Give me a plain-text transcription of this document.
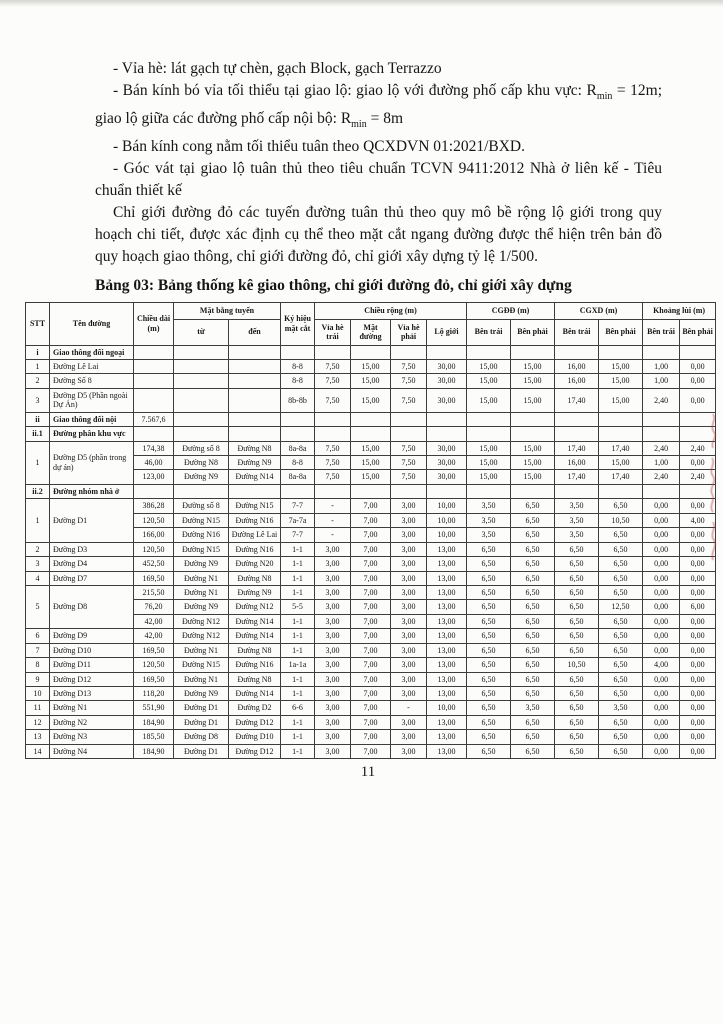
- Vỉa hè: lát gạch tự chèn, gạch Block, gạch Terrazzo

- Bán kính bó vỉa tối thiểu tại giao lộ: giao lộ với đường phố cấp khu vực: $R_{min} = 12m$; giao lộ giữa các đường phố cấp nội bộ: $R_{min} = 8m$

- Bán kính cong nằm tối thiểu tuân theo QCXDVN 01:2021/BXD.

- Góc vát tại giao lộ tuân thủ theo tiêu chuẩn TCVN 9411:2012 Nhà ở liên kế - Tiêu chuẩn thiết kế

Chỉ giới đường đỏ các tuyến đường tuân thủ theo quy mô bề rộng lộ giới trong quy hoạch chi tiết, được xác định cụ thể theo mặt cắt ngang đường được thể hiện trên bản đồ quy hoạch giao thông, chỉ giới đường đỏ, chỉ giới xây dựng tỷ lệ 1/500.

Bảng 03: Bảng thống kê giao thông, chỉ giới đường đỏ, chỉ giới xây dựng
STT	Tên đường	Chiều dài (m)	Mặt bằng tuyến		Ký hiệu mặt cắt	Chiều rộng (m)				CGĐĐ (m)		CGXD (m)		Khoảng lùi (m)	
			từ	đến		Vỉa hè trái	Mặt đường	Vỉa hè phải	Lộ giới	Bên trái	Bên phải	Bên trái	Bên phải	Bên trái	Bên phải
i	Giao thông đối ngoại														
1	Đường Lê Lai				8-8	7,50	15,00	7,50	30,00	15,00	15,00	16,00	15,00	1,00	0,00
2	Đường Số 8				8-8	7,50	15,00	7,50	30,00	15,00	15,00	16,00	15,00	1,00	0,00
3	Đường D5 (Phần ngoài Dự Án)				8b-8b	7,50	15,00	7,50	30,00	15,00	15,00	17,40	15,00	2,40	0,00
ii	Giao thông đối nội	7.567,6													
ii.1	Đường phân khu vực														
1	Đường D5 (phần trong dự án)	174,38	Đường số 8	Đường N8	8a-8a	7,50	15,00	7,50	30,00	15,00	15,00	17,40	17,40	2,40	2,40
		46,00	Đường N8	Đường N9	8-8	7,50	15,00	7,50	30,00	15,00	15,00	16,00	15,00	1,00	0,00
		123,00	Đường N9	Đường N14	8a-8a	7,50	15,00	7,50	30,00	15,00	15,00	17,40	17,40	2,40	2,40
ii.2	Đường nhóm nhà ở														
1	Đường D1	386,28	Đường số 8	Đường N15	7-7	-	7,00	3,00	10,00	3,50	6,50	3,50	6,50	0,00	0,00
		120,50	Đường N15	Đường N16	7a-7a	-	7,00	3,00	10,00	3,50	6,50	3,50	10,50	0,00	4,00
		166,00	Đường N16	Đường Lê Lai	7-7	-	7,00	3,00	10,00	3,50	6,50	3,50	6,50	0,00	0,00
2	Đường D3	120,50	Đường N15	Đường N16	1-1	3,00	7,00	3,00	13,00	6,50	6,50	6,50	6,50	0,00	0,00
3	Đường D4	452,50	Đường N9	Đường N20	1-1	3,00	7,00	3,00	13,00	6,50	6,50	6,50	6,50	0,00	0,00
4	Đường D7	169,50	Đường N1	Đường N8	1-1	3,00	7,00	3,00	13,00	6,50	6,50	6,50	6,50	0,00	0,00
5	Đường D8	215,50	Đường N1	Đường N9	1-1	3,00	7,00	3,00	13,00	6,50	6,50	6,50	6,50	0,00	0,00
		76,20	Đường N9	Đường N12	5-5	3,00	7,00	3,00	13,00	6,50	6,50	6,50	12,50	0,00	6,00
		42,00	Đường N12	Đường N14	1-1	3,00	7,00	3,00	13,00	6,50	6,50	6,50	6,50	0,00	0,00
6	Đường D9	42,00	Đường N12	Đường N14	1-1	3,00	7,00	3,00	13,00	6,50	6,50	6,50	6,50	0,00	0,00
7	Đường D10	169,50	Đường N1	Đường N8	1-1	3,00	7,00	3,00	13,00	6,50	6,50	6,50	6,50	0,00	0,00
8	Đường D11	120,50	Đường N15	Đường N16	1a-1a	3,00	7,00	3,00	13,00	6,50	6,50	10,50	6,50	4,00	0,00
9	Đường D12	169,50	Đường N1	Đường N8	1-1	3,00	7,00	3,00	13,00	6,50	6,50	6,50	6,50	0,00	0,00
10	Đường D13	118,20	Đường N9	Đường N14	1-1	3,00	7,00	3,00	13,00	6,50	6,50	6,50	6,50	0,00	0,00
11	Đường N1	551,90	Đường D1	Đường D2	6-6	3,00	7,00	-	10,00	6,50	3,50	6,50	3,50	0,00	0,00
12	Đường N2	184,90	Đường D1	Đường D12	1-1	3,00	7,00	3,00	13,00	6,50	6,50	6,50	6,50	0,00	0,00
13	Đường N3	185,50	Đường D8	Đường D10	1-1	3,00	7,00	3,00	13,00	6,50	6,50	6,50	6,50	0,00	0,00
14	Đường N4	184,90	Đường D1	Đường D12	1-1	3,00	7,00	3,00	13,00	6,50	6,50	6,50	6,50	0,00	0,00
11
